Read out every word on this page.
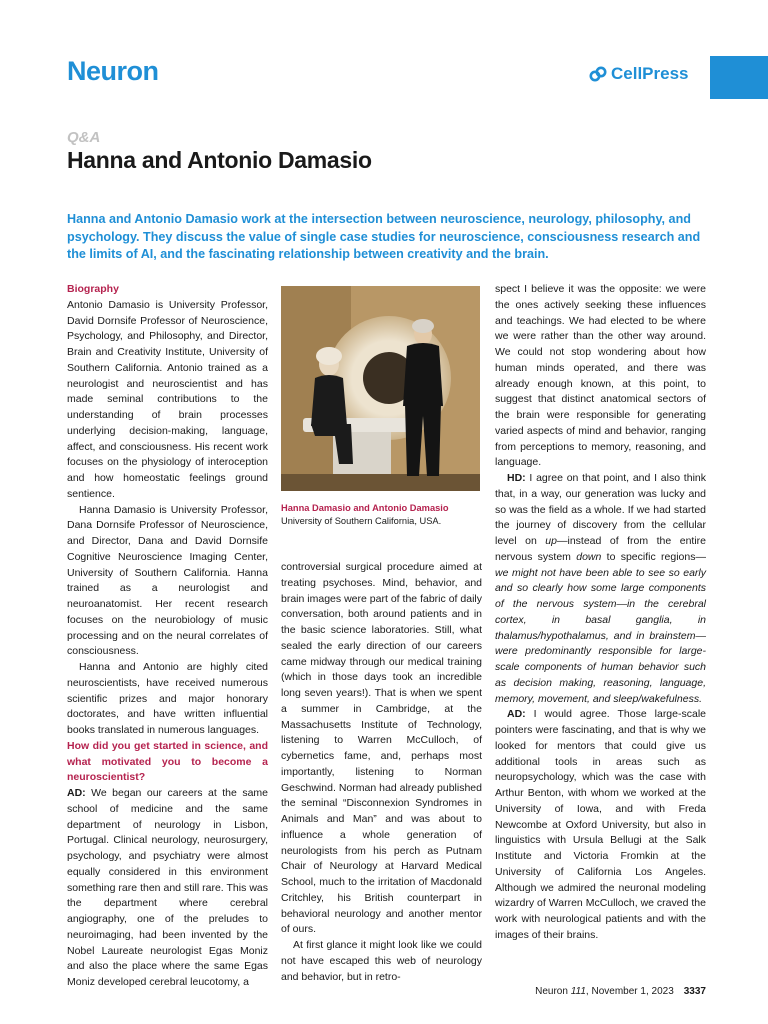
Neuron	CellPress
Q&A
Hanna and Antonio Damasio
Hanna and Antonio Damasio work at the intersection between neuroscience, neurology, philosophy, and psychology. They discuss the value of single case studies for neuroscience, consciousness research and the limits of AI, and the fascinating relationship between creativity and the brain.

Biography

Antonio Damasio is University Professor, David Dornsife Professor of Neuroscience, Psychology, and Philosophy, and Director, Brain and Creativity Institute, University of Southern California. Antonio trained as a neurologist and neuroscientist and has made seminal contributions to the understanding of brain processes underlying decision-making, language, affect, and consciousness. His recent work focuses on the physiology of interoception and how homeostatic feelings ground sentience.

Hanna Damasio is University Professor, Dana Dornsife Professor of Neuroscience, and Director, Dana and David Dornsife Cognitive Neuroscience Imaging Center, University of Southern California. Hanna trained as a neurologist and neuroanatomist. Her recent research focuses on the neurobiology of music processing and on the neural correlates of consciousness.

Hanna and Antonio are highly cited neuroscientists, have received numerous scientific prizes and major honorary doctorates, and have written influential books translated in numerous languages.

How did you get started in science, and what motivated you to become a neuroscientist?

AD: We began our careers at the same school of medicine and the same department of neurology in Lisbon, Portugal. Clinical neurology, neurosurgery, psychology, and psychiatry were almost equally considered in this environment something rare then and still rare. This was the department where cerebral angiography, one of the preludes to neuroimaging, had been invented by the Nobel Laureate neurologist Egas Moniz and also the place where the same Egas Moniz developed cerebral leucotomy, a

Hanna Damasio and Antonio Damasio
University of Southern California, USA.

controversial surgical procedure aimed at treating psychoses. Mind, behavior, and brain images were part of the fabric of daily conversation, both around patients and in the basic science laboratories. Still, what sealed the early direction of our careers came midway through our medical training (which in those days took an incredible long seven years!). That is when we spent a summer in Cambridge, at the Massachusetts Institute of Technology, listening to Warren McCulloch, of cybernetics fame, and, perhaps most importantly, listening to Norman Geschwind. Norman had already published the seminal “Disconnexion Syndromes in Animals and Man” and was about to influence a whole generation of neurologists from his perch as Putnam Chair of Neurology at Harvard Medical School, much to the irritation of Macdonald Critchley, his British counterpart in behavioral neurology and another mentor of ours.

At first glance it might look like we could not have escaped this web of neurology and behavior, but in retro-

spect I believe it was the opposite: we were the ones actively seeking these influences and teachings. We had elected to be where we were rather than the other way around. We could not stop wondering about how human minds operated, and there was already enough known, at this point, to suggest that distinct anatomical sectors of the brain were responsible for generating varied aspects of mind and behavior, ranging from perceptions to memory, reasoning, and language.

HD: I agree on that point, and I also think that, in a way, our generation was lucky and so was the field as a whole. If we had started the journey of discovery from the cellular level on up—instead of from the entire nervous system down to specific regions—we might not have been able to see so early and so clearly how some large components of the nervous system—in the cerebral cortex, in basal ganglia, in thalamus/hypothalamus, and in brainstem—were predominantly responsible for large-scale components of human behavior such as decision making, reasoning, language, memory, movement, and sleep/wakefulness.

AD: I would agree. Those large-scale pointers were fascinating, and that is why we looked for mentors that could give us additional tools in areas such as neuropsychology, which was the case with Arthur Benton, with whom we worked at the University of Iowa, and with Freda Newcombe at Oxford University, but also in linguistics with Ursula Bellugi at the Salk Institute and Victoria Fromkin at the University of California Los Angeles. Although we admired the neuronal modeling wizardry of Warren McCulloch, we craved the work with neurological patients and with the images of their brains.

Neuron 111, November 1, 2023 3337
